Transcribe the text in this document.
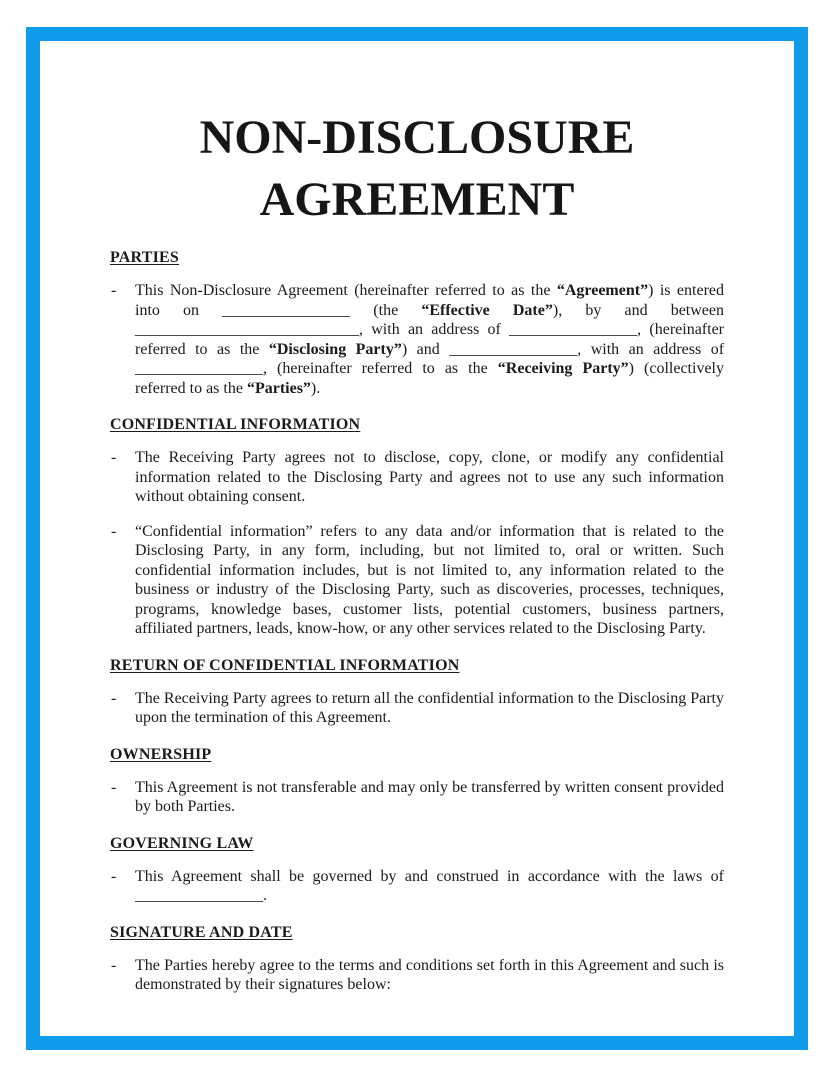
NON-DISCLOSURE
AGREEMENT
PARTIES
- This Non-Disclosure Agreement (hereinafter referred to as the “Agreement”) is entered into on ________________ (the “Effective Date”), by and between ____________________________, with an address of ________________, (hereinafter referred to as the “Disclosing Party”) and ________________, with an address of ________________, (hereinafter referred to as the “Receiving Party”) (collectively referred to as the “Parties”).
CONFIDENTIAL INFORMATION
- The Receiving Party agrees not to disclose, copy, clone, or modify any confidential information related to the Disclosing Party and agrees not to use any such information without obtaining consent.
- “Confidential information” refers to any data and/or information that is related to the Disclosing Party, in any form, including, but not limited to, oral or written. Such confidential information includes, but is not limited to, any information related to the business or industry of the Disclosing Party, such as discoveries, processes, techniques, programs, knowledge bases, customer lists, potential customers, business partners, affiliated partners, leads, know-how, or any other services related to the Disclosing Party.
RETURN OF CONFIDENTIAL INFORMATION
- The Receiving Party agrees to return all the confidential information to the Disclosing Party upon the termination of this Agreement.
OWNERSHIP
- This Agreement is not transferable and may only be transferred by written consent provided by both Parties.
GOVERNING LAW
- This Agreement shall be governed by and construed in accordance with the laws of ________________.
SIGNATURE AND DATE
- The Parties hereby agree to the terms and conditions set forth in this Agreement and such is demonstrated by their signatures below:
